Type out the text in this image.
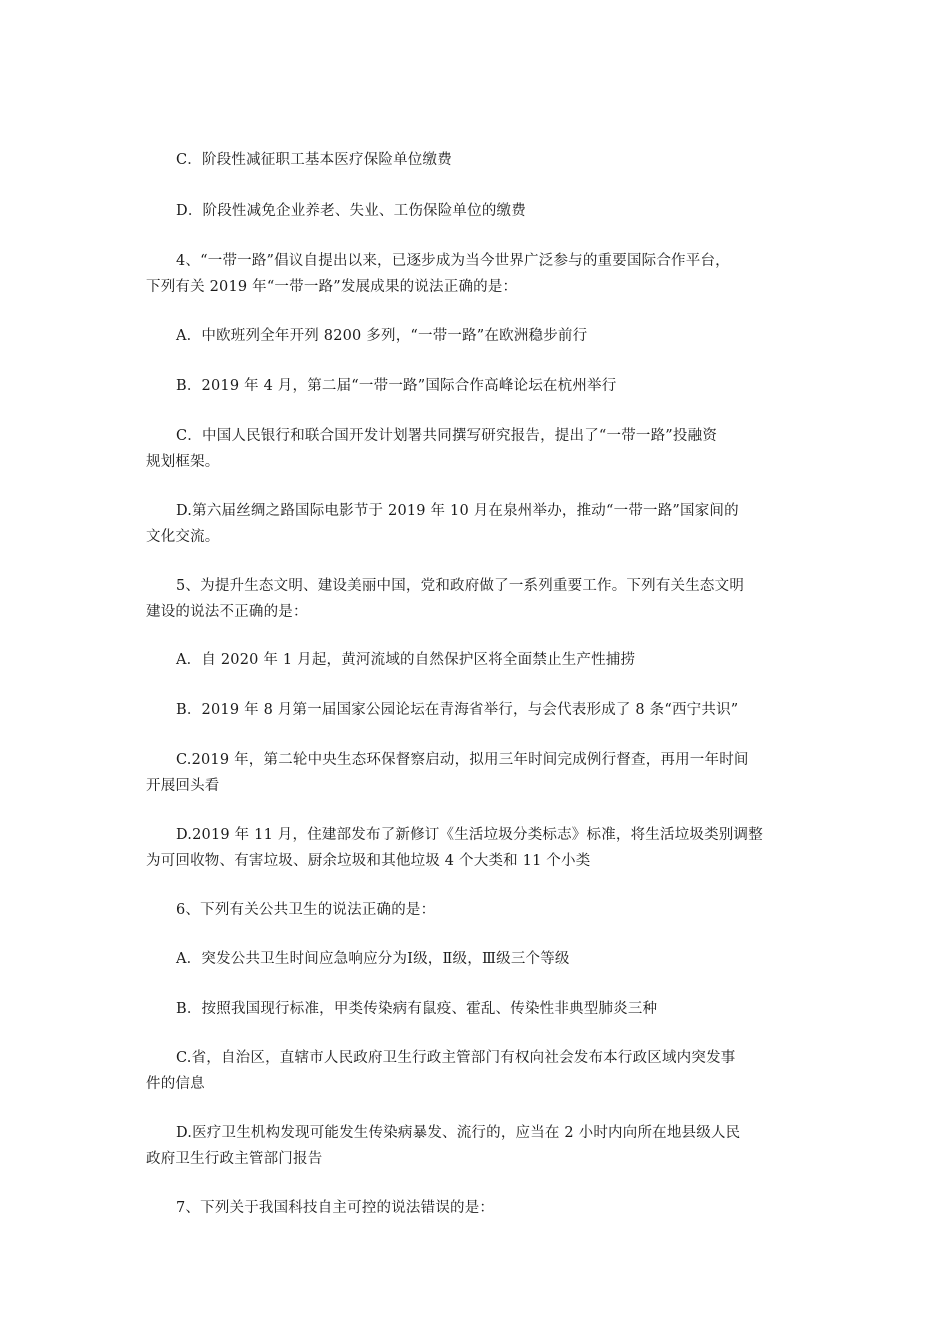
C．阶段性减征职工基本医疗保险单位缴费
D．阶段性减免企业养老、失业、工伤保险单位的缴费
4、“一带一路”倡议自提出以来，已逐步成为当今世界广泛参与的重要国际合作平台，
下列有关 2019 年“一带一路”发展成果的说法正确的是：
A．中欧班列全年开列 8200 多列，“一带一路”在欧洲稳步前行
B．2019 年 4 月，第二届“一带一路”国际合作高峰论坛在杭州举行
C．中国人民银行和联合国开发计划署共同撰写研究报告，提出了“一带一路”投融资
规划框架。
D.第六届丝绸之路国际电影节于 2019 年 10 月在泉州举办，推动“一带一路”国家间的
文化交流。
5、为提升生态文明、建设美丽中国，党和政府做了一系列重要工作。下列有关生态文明
建设的说法不正确的是：
A．自 2020 年 1 月起，黄河流域的自然保护区将全面禁止生产性捕捞
B．2019 年 8 月第一届国家公园论坛在青海省举行，与会代表形成了 8 条“西宁共识”
C.2019 年，第二轮中央生态环保督察启动，拟用三年时间完成例行督查，再用一年时间
开展回头看
D.2019 年 11 月，住建部发布了新修订《生活垃圾分类标志》标准，将生活垃圾类别调整
为可回收物、有害垃圾、厨余垃圾和其他垃圾 4 个大类和 11 个小类
6、下列有关公共卫生的说法正确的是：
A．突发公共卫生时间应急响应分为Ⅰ级，Ⅱ级，Ⅲ级三个等级
B．按照我国现行标准，甲类传染病有鼠疫、霍乱、传染性非典型肺炎三种
C.省，自治区，直辖市人民政府卫生行政主管部门有权向社会发布本行政区域内突发事
件的信息
D.医疗卫生机构发现可能发生传染病暴发、流行的，应当在 2 小时内向所在地县级人民
政府卫生行政主管部门报告
7、下列关于我国科技自主可控的说法错误的是：
